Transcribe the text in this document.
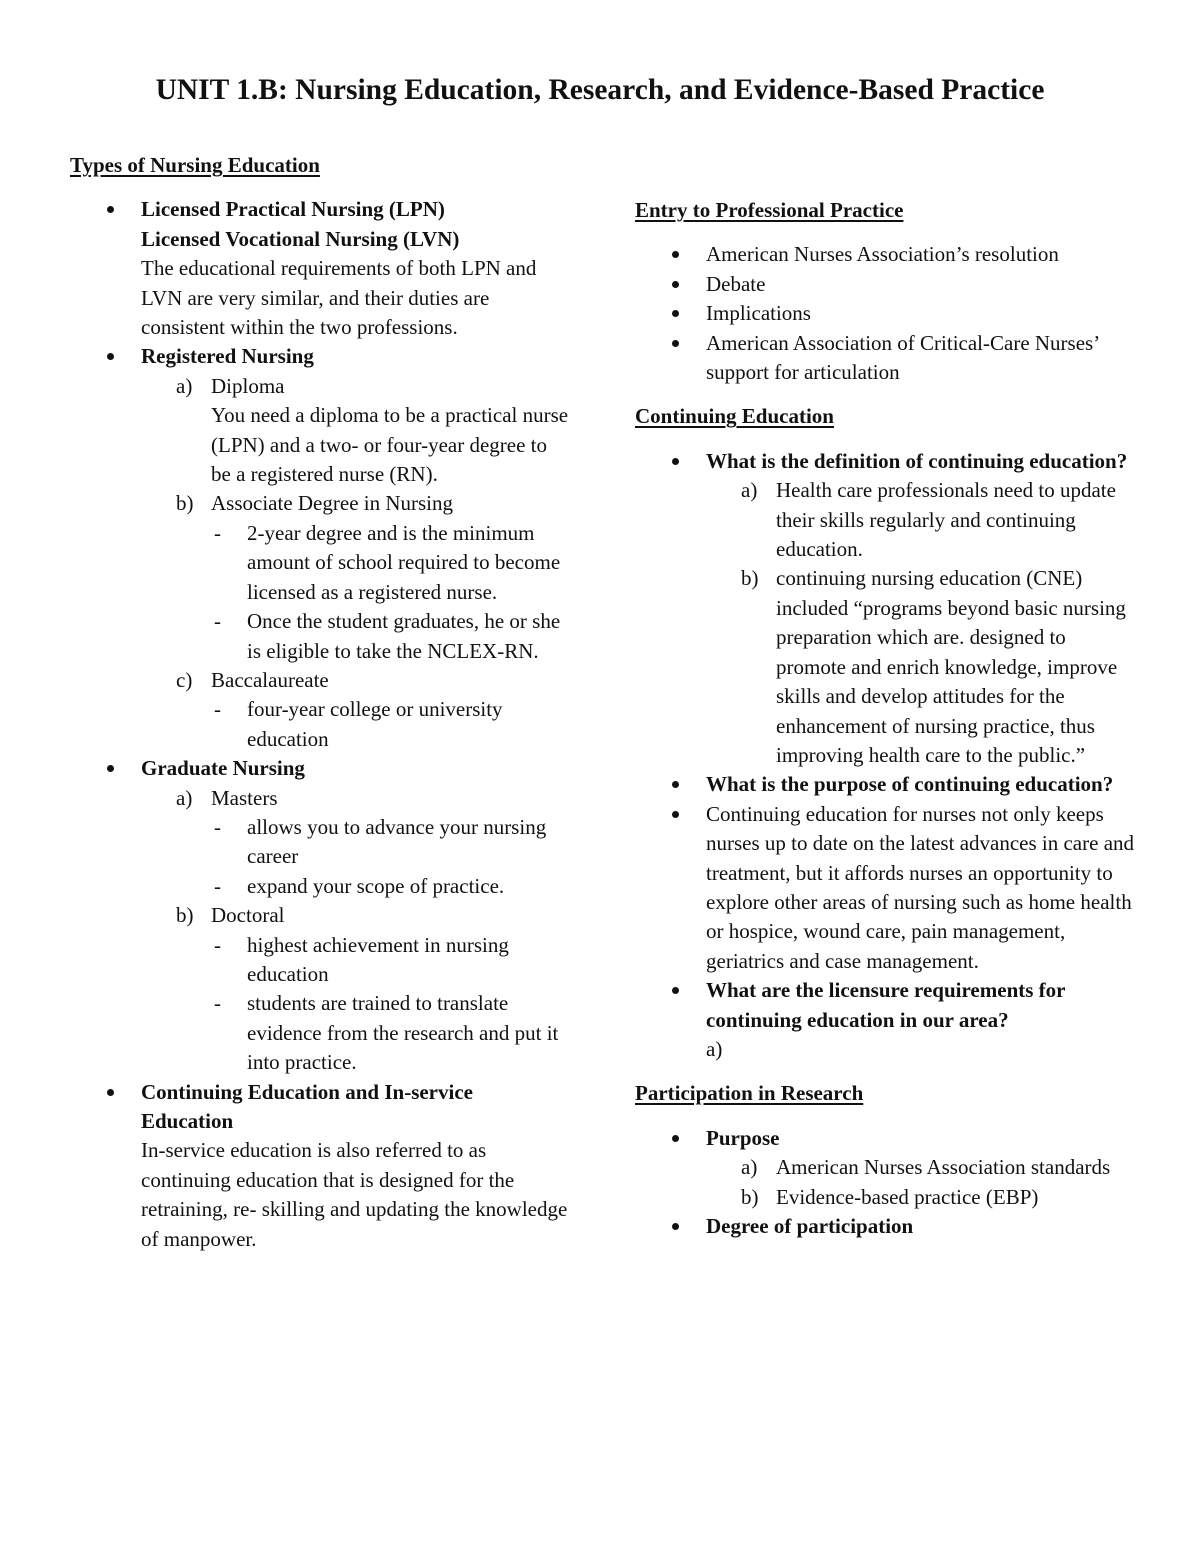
UNIT 1.B: Nursing Education, Research, and Evidence-Based Practice
Types of Nursing Education
Licensed Practical Nursing (LPN)
Licensed Vocational Nursing (LVN)
The educational requirements of both LPN and LVN are very similar, and their duties are consistent within the two professions.
Registered Nursing
a) Diploma
You need a diploma to be a practical nurse (LPN) and a two- or four-year degree to be a registered nurse (RN).
b) Associate Degree in Nursing
- 2-year degree and is the minimum amount of school required to become licensed as a registered nurse.
- Once the student graduates, he or she is eligible to take the NCLEX-RN.
c) Baccalaureate
- four-year college or university education
Graduate Nursing
a) Masters
- allows you to advance your nursing career
- expand your scope of practice.
b) Doctoral
- highest achievement in nursing education
- students are trained to translate evidence from the research and put it into practice.
Continuing Education and In-service Education
In-service education is also referred to as continuing education that is designed for the retraining, re- skilling and updating the knowledge of manpower.
Entry to Professional Practice
American Nurses Association’s resolution
Debate
Implications
American Association of Critical-Care Nurses’ support for articulation
Continuing Education
What is the definition of continuing education?
a) Health care professionals need to update their skills regularly and continuing education.
b) continuing nursing education (CNE) included “programs beyond basic nursing preparation which are. designed to promote and enrich knowledge, improve skills and develop attitudes for the enhancement of nursing practice, thus improving health care to the public.”
What is the purpose of continuing education?
Continuing education for nurses not only keeps nurses up to date on the latest advances in care and treatment, but it affords nurses an opportunity to explore other areas of nursing such as home health or hospice, wound care, pain management, geriatrics and case management.
What are the licensure requirements for continuing education in our area?
a)
Participation in Research
Purpose
a) American Nurses Association standards
b) Evidence-based practice (EBP)
Degree of participation
